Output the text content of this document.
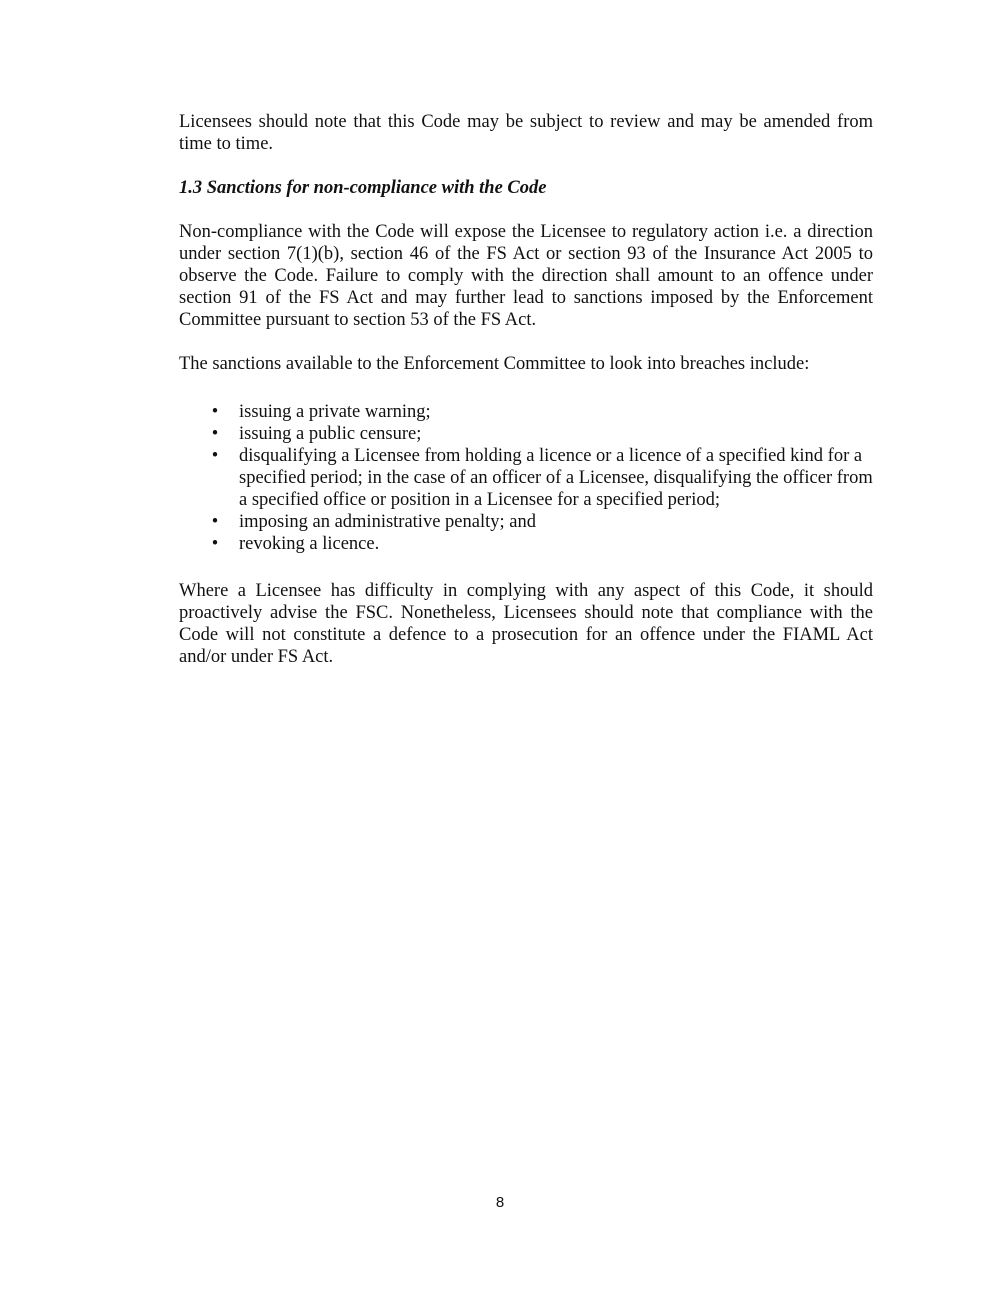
Licensees should note that this Code may be subject to review and may be amended from time to time.

1.3 Sanctions for non-compliance with the Code

Non-compliance with the Code will expose the Licensee to regulatory action i.e. a direction under section 7(1)(b), section 46 of the FS Act or section 93 of the Insurance Act 2005 to observe the Code. Failure to comply with the direction shall amount to an offence under section 91 of the FS Act and may further lead to sanctions imposed by the Enforcement Committee pursuant to section 53 of the FS Act.

The sanctions available to the Enforcement Committee to look into breaches include:

• issuing a private warning;
• issuing a public censure;
• disqualifying a Licensee from holding a licence or a licence of a specified kind for a specified period; in the case of an officer of a Licensee, disqualifying the officer from a specified office or position in a Licensee for a specified period;
• imposing an administrative penalty; and
• revoking a licence.

Where a Licensee has difficulty in complying with any aspect of this Code, it should proactively advise the FSC. Nonetheless, Licensees should note that compliance with the Code will not constitute a defence to a prosecution for an offence under the FIAML Act and/or under FS Act.

8
